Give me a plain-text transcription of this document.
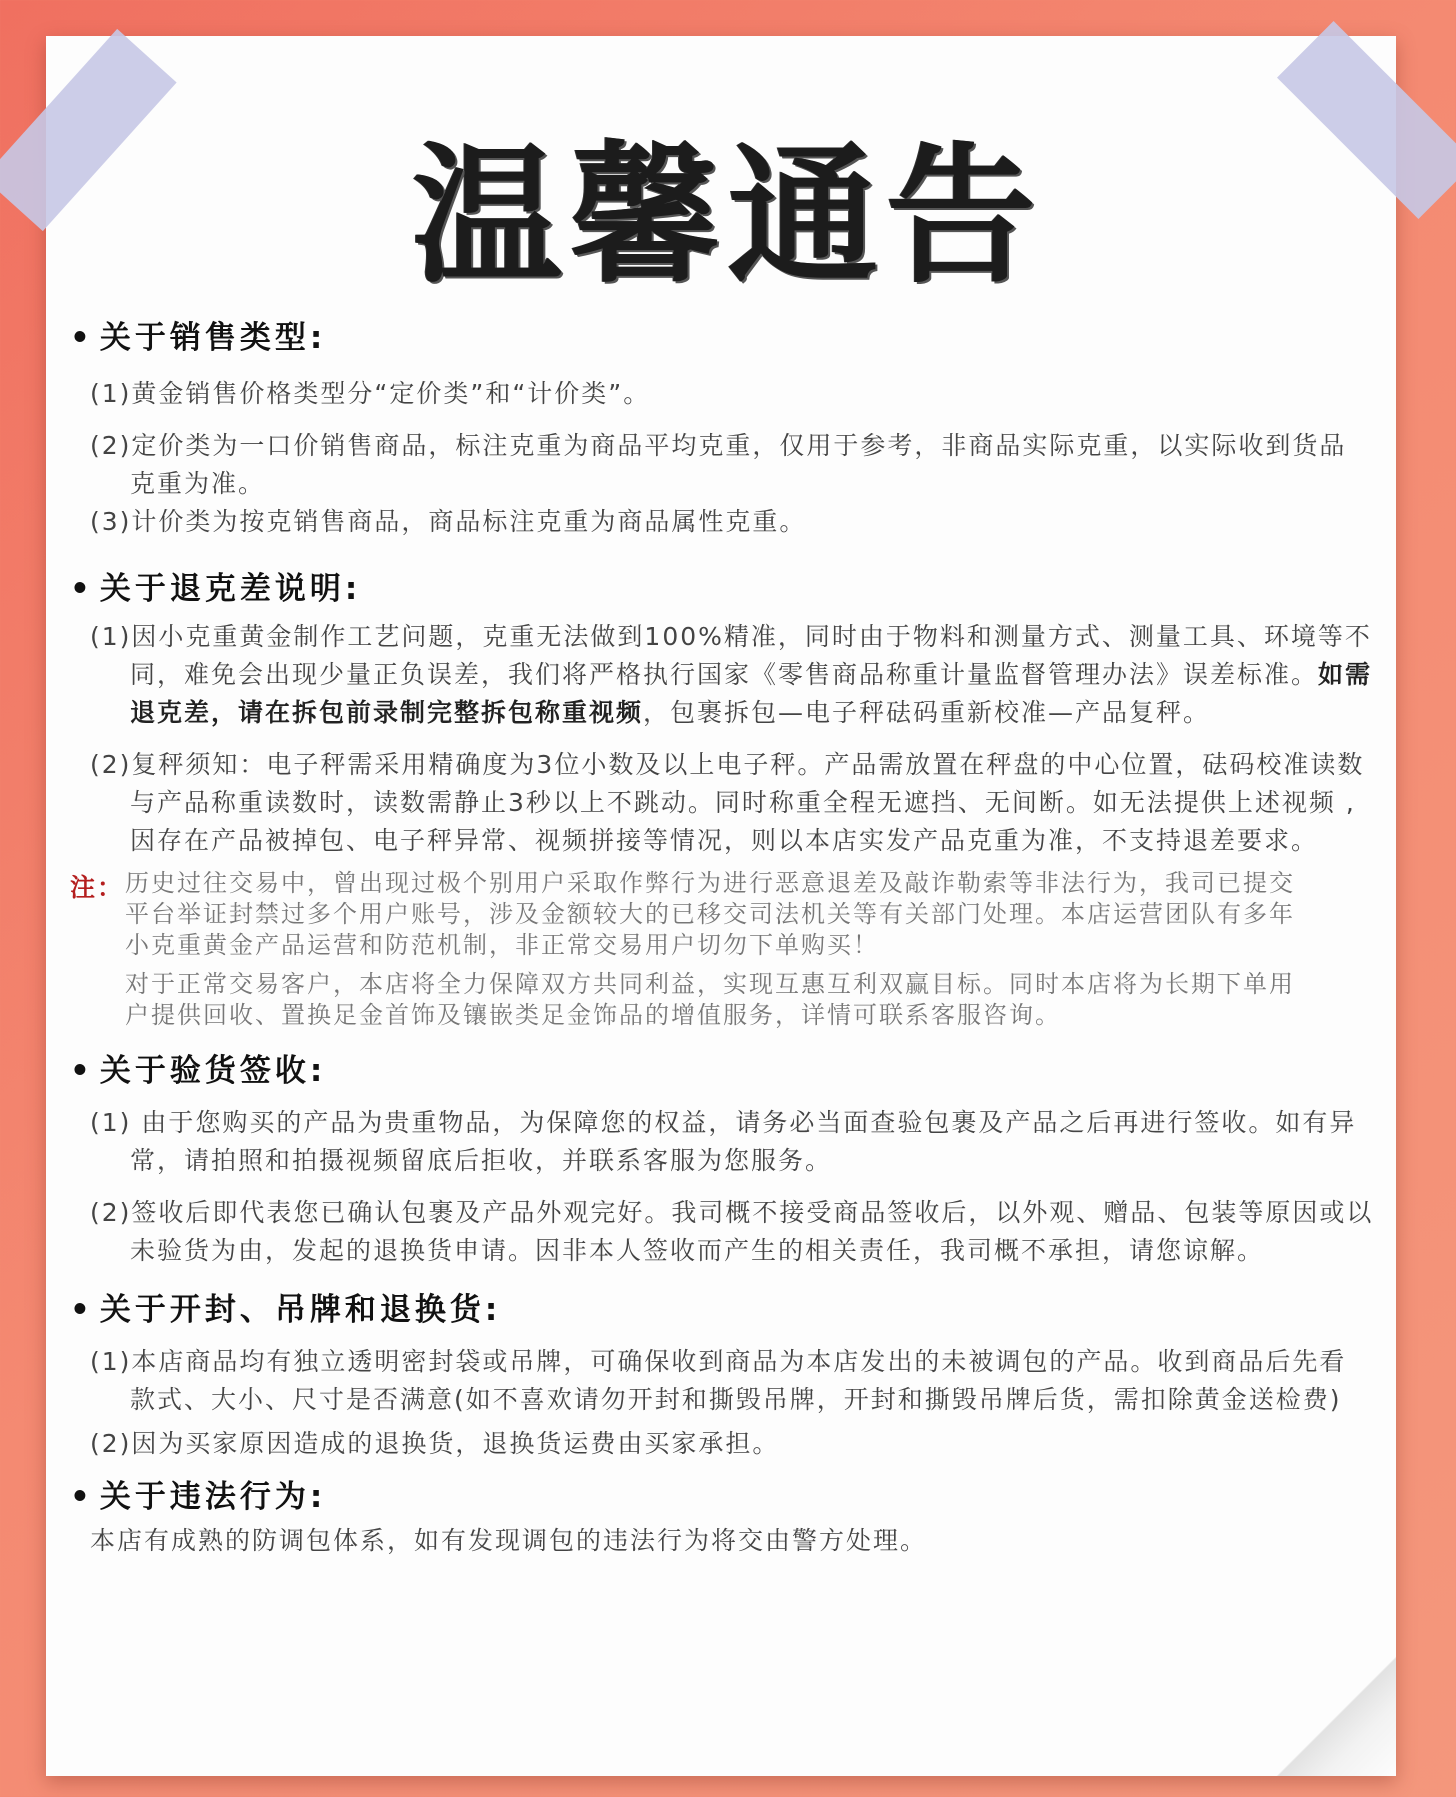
温馨通告

• 关于销售类型:

(1)黄金销售价格类型分“定价类”和“计价类”。

(2)定价类为一口价销售商品，标注克重为商品平均克重，仅用于参考，非商品实际克重，以实际收到货品克重为准。

(3)计价类为按克销售商品，商品标注克重为商品属性克重。

• 关于退克差说明:

(1)因小克重黄金制作工艺问题，克重无法做到100%精准，同时由于物料和测量方式、测量工具、环境等不同，难免会出现少量正负误差，我们将严格执行国家《零售商品称重计量监督管理办法》误差标准。如需退克差，请在拆包前录制完整拆包称重视频，包裹拆包—电子秤砝码重新校准—产品复秤。

(2)复秤须知：电子秤需采用精确度为3位小数及以上电子秤。产品需放置在秤盘的中心位置，砝码校准读数与产品称重读数时，读数需静止3秒以上不跳动。同时称重全程无遮挡、无间断。如无法提供上述视频 ,因存在产品被掉包、电子秤异常、视频拼接等情况，则以本店实发产品克重为准，不支持退差要求。

注： 历史过往交易中，曾出现过极个别用户采取作弊行为进行恶意退差及敲诈勒索等非法行为，我司已提交平台举证封禁过多个用户账号，涉及金额较大的已移交司法机关等有关部门处理。本店运营团队有多年小克重黄金产品运营和防范机制，非正常交易用户切勿下单购买！

对于正常交易客户，本店将全力保障双方共同利益，实现互惠互利双赢目标。同时本店将为长期下单用户提供回收、置换足金首饰及镶嵌类足金饰品的增值服务，详情可联系客服咨询。

• 关于验货签收:

(1) 由于您购买的产品为贵重物品，为保障您的权益，请务必当面查验包裹及产品之后再进行签收。如有异常，请拍照和拍摄视频留底后拒收，并联系客服为您服务。

(2)签收后即代表您已确认包裹及产品外观完好。我司概不接受商品签收后，以外观、赠品、包装等原因或以未验货为由，发起的退换货申请。因非本人签收而产生的相关责任，我司概不承担，请您谅解。

• 关于开封、吊牌和退换货:

(1)本店商品均有独立透明密封袋或吊牌，可确保收到商品为本店发出的未被调包的产品。收到商品后先看款式、大小、尺寸是否满意(如不喜欢请勿开封和撕毁吊牌，开封和撕毁吊牌后货，需扣除黄金送检费)

(2)因为买家原因造成的退换货，退换货运费由买家承担。

• 关于违法行为:

本店有成熟的防调包体系，如有发现调包的违法行为将交由警方处理。
